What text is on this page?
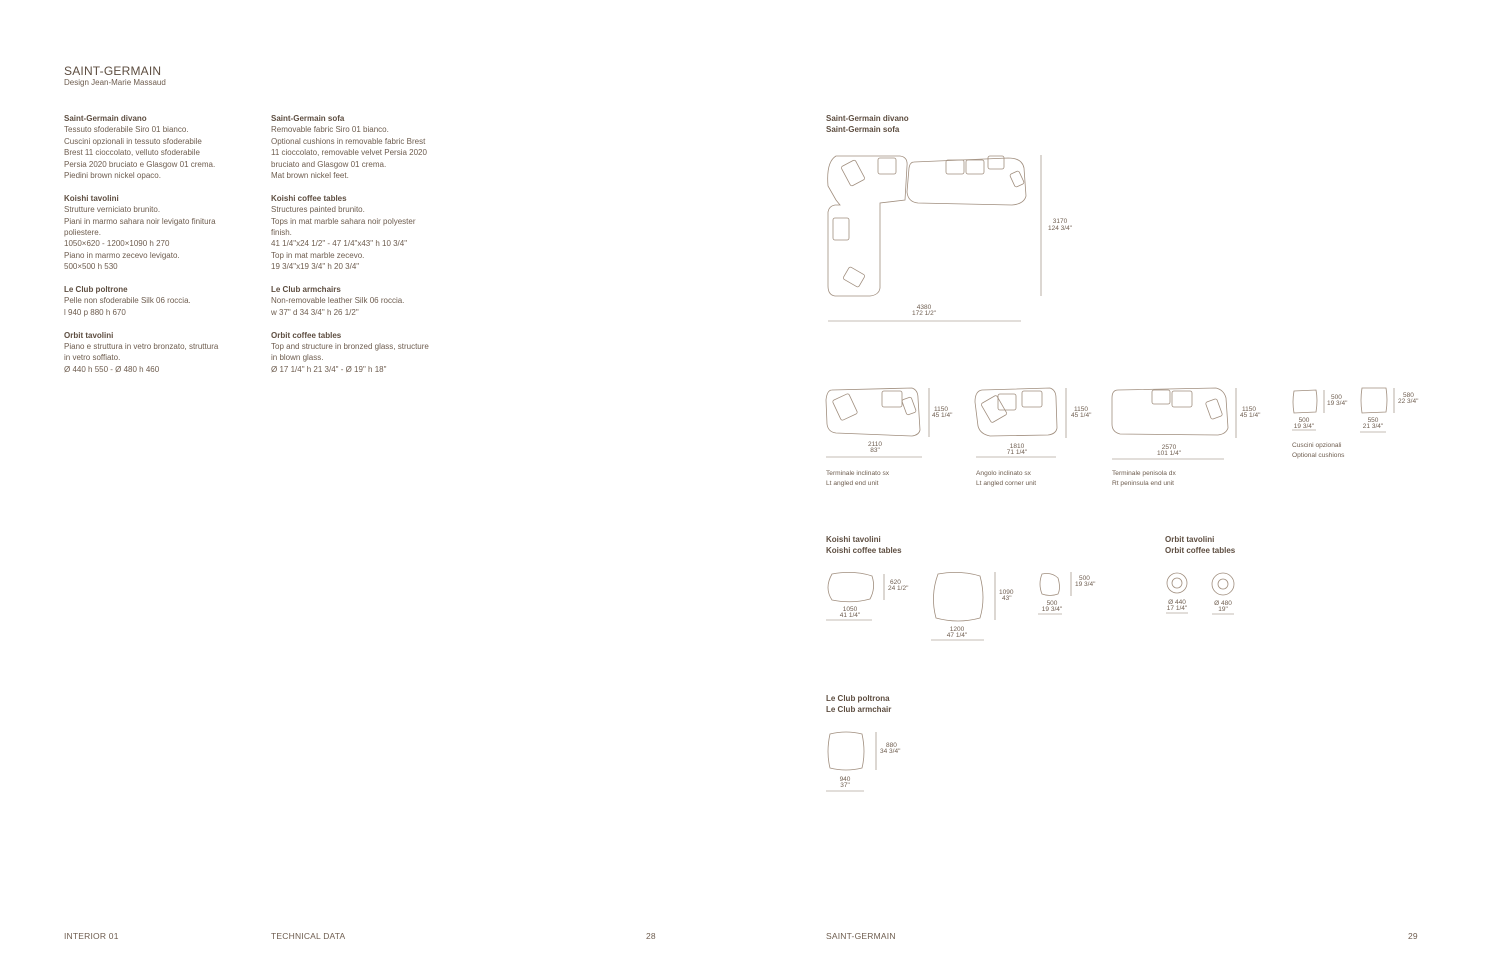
SAINT-GERMAIN
Design Jean-Marie Massaud
Saint-Germain divano
Tessuto sfoderabile Siro 01 bianco.
Cuscini opzionali in tessuto sfoderabile
Brest 11 cioccolato, velluto sfoderabile
Persia 2020 bruciato e Glasgow 01 crema.
Piedini brown nickel opaco.
Koishi tavolini
Strutture verniciato brunito.
Piani in marmo sahara noir levigato finitura
poliestere.
1050×620 - 1200×1090 h 270
Piano in marmo zecevo levigato.
500×500 h 530
Le Club poltrone
Pelle non sfoderabile Silk 06 roccia.
l 940 p 880 h 670
Orbit tavolini
Piano e struttura in vetro bronzato, struttura
in vetro soffiato.
Ø 440 h 550 - Ø 480 h 460
Saint-Germain sofa
Removable fabric Siro 01 bianco.
Optional cushions in removable fabric Brest
11 cioccolato, removable velvet Persia 2020
bruciato and Glasgow 01 crema.
Mat brown nickel feet.
Koishi coffee tables
Structures painted brunito.
Tops in mat marble sahara noir polyester
finish.
41 1/4"x24 1/2" - 47 1/4"x43" h 10 3/4"
Top in mat marble zecevo.
19 3/4"x19 3/4" h 20 3/4"
Le Club armchairs
Non-removable leather Silk 06 roccia.
w 37" d 34 3/4" h 26 1/2"
Orbit coffee tables
Top and structure in bronzed glass, structure
in blown glass.
Ø 17 1/4" h 21 3/4" - Ø 19" h 18"
INTERIOR 01	TECHNICAL DATA	28	SAINT-GERMAIN	29
Saint-Germain divano
Saint-Germain sofa
3170
124 3/4"
4380
172 1/2"
1150
45 1/4"
2110
83"
Terminale inclinato sx
Lt angled end unit
1150
45 1/4"
1810
71 1/4"
Angolo inclinato sx
Lt angled corner unit
1150
45 1/4"
2570
101 1/4"
Terminale penisola dx
Rt peninsula end unit
500
19 3/4"
500
19 3/4"
580
22 3/4"
550
21 3/4"
Cuscini opzionali
Optional cushions
Koishi tavolini
Koishi coffee tables
620
24 1/2"
1050
41 1/4"
1090
43"
1200
47 1/4"
500
19 3/4"
500
19 3/4"
Orbit tavolini
Orbit coffee tables
Ø 440
17 1/4"
Ø 480
19"
Le Club poltrona
Le Club armchair
880
34 3/4"
940
37"
